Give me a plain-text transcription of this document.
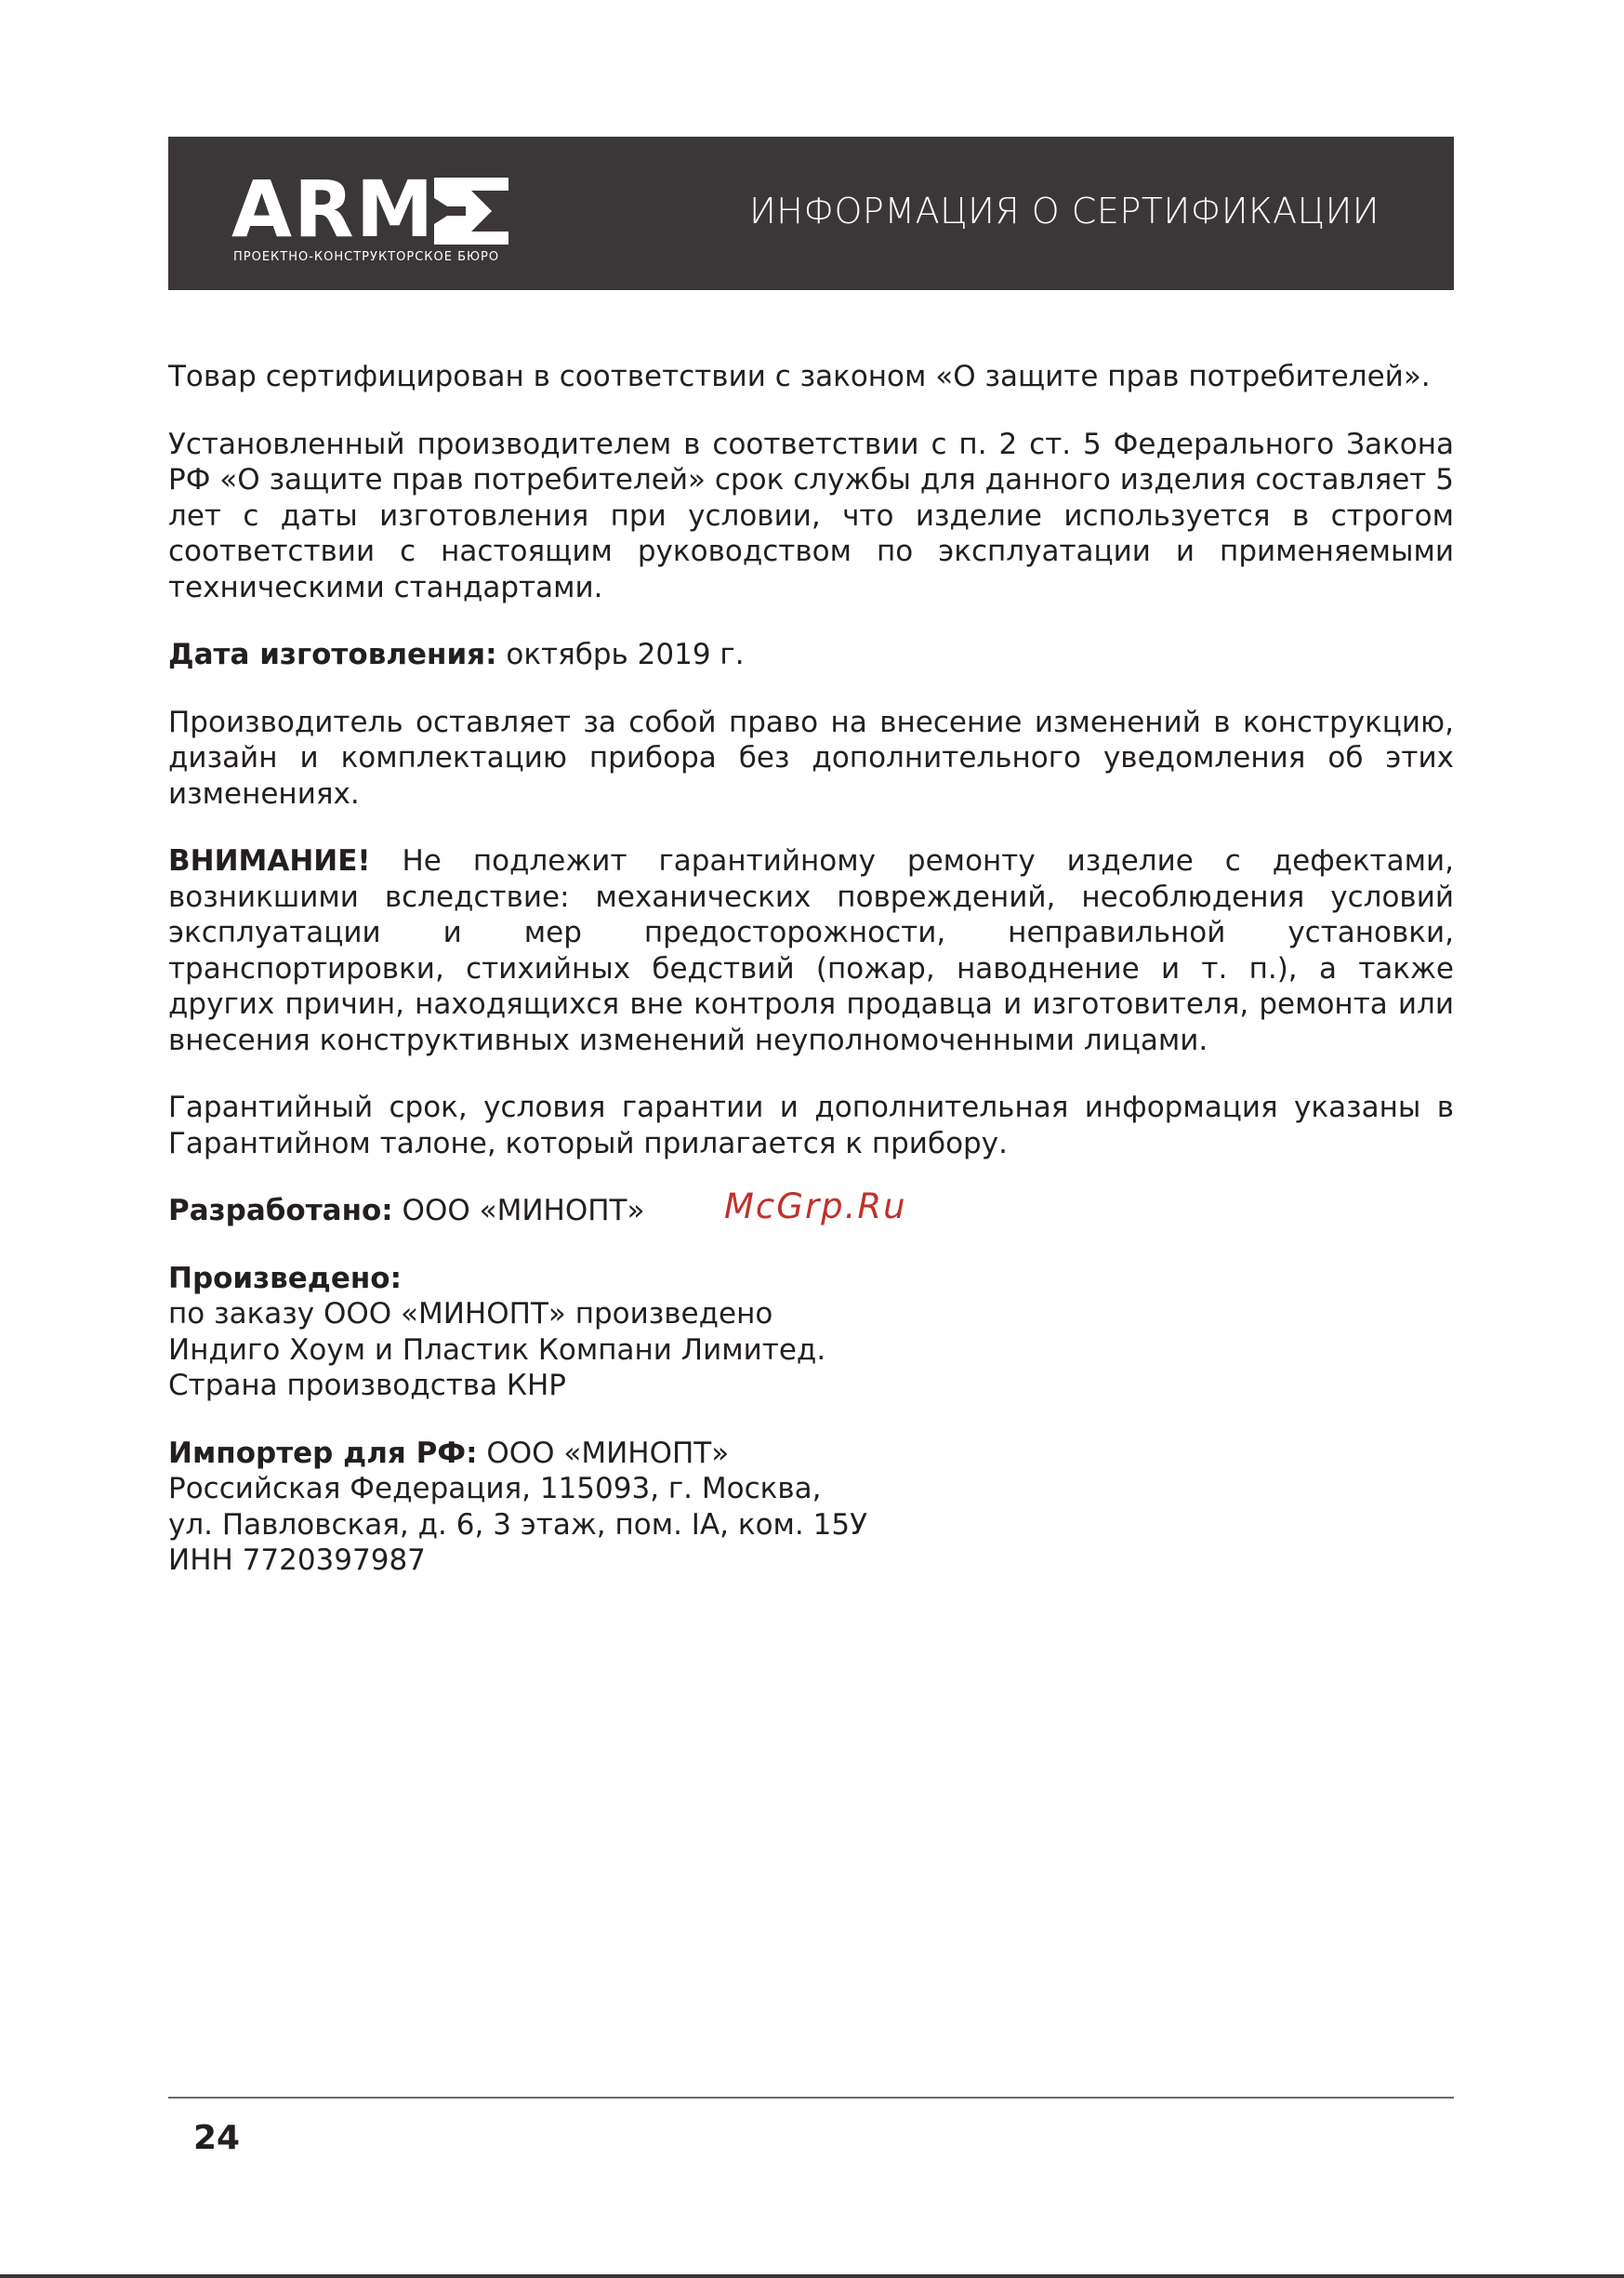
ARM
ПРОЕКТНО-КОНСТРУКТОРСКОЕ БЮРО
ИНФОРМАЦИЯ О СЕРТИФИКАЦИИ

Товар сертифицирован в соответствии с законом «О защите прав потребителей».

Установленный производителем в соответствии с п. 2 ст. 5 Федерального Закона РФ «О защите прав потребителей» срок службы для данного изделия составляет 5 лет с даты изготовления при условии, что изделие используется в строгом соответствии с настоящим руководством по эксплуатации и применяемыми техническими стандартами.

Дата изготовления: октябрь 2019 г.

Производитель оставляет за собой право на внесение изменений в конструкцию, дизайн и комплектацию прибора без дополнительного уведомления об этих изменениях.

ВНИМАНИЕ! Не подлежит гарантийному ремонту изделие с дефектами, возникшими вследствие: механических повреждений, несоблюдения условий эксплуатации и мер предосторожности, неправильной установки, транспортировки, стихийных бедствий (пожар, наводнение и т. п.), а также других причин, находящихся вне контроля продавца и изготовителя, ремонта или внесения конструктивных изменений неуполномоченными лицами.

Гарантийный срок, условия гарантии и дополнительная информация указаны в Гарантийном талоне, который прилагается к прибору.

Разработано: ООО «МИНОПТ» McGrp.Ru

Произведено:
по заказу ООО «МИНОПТ» произведено
Индиго Хоум и Пластик Компани Лимитед.
Страна производства КНР

Импортер для РФ: ООО «МИНОПТ»
Российская Федерация, 115093, г. Москва,
ул. Павловская, д. 6, 3 этаж, пом. IA, ком. 15У
ИНН 7720397987

24
